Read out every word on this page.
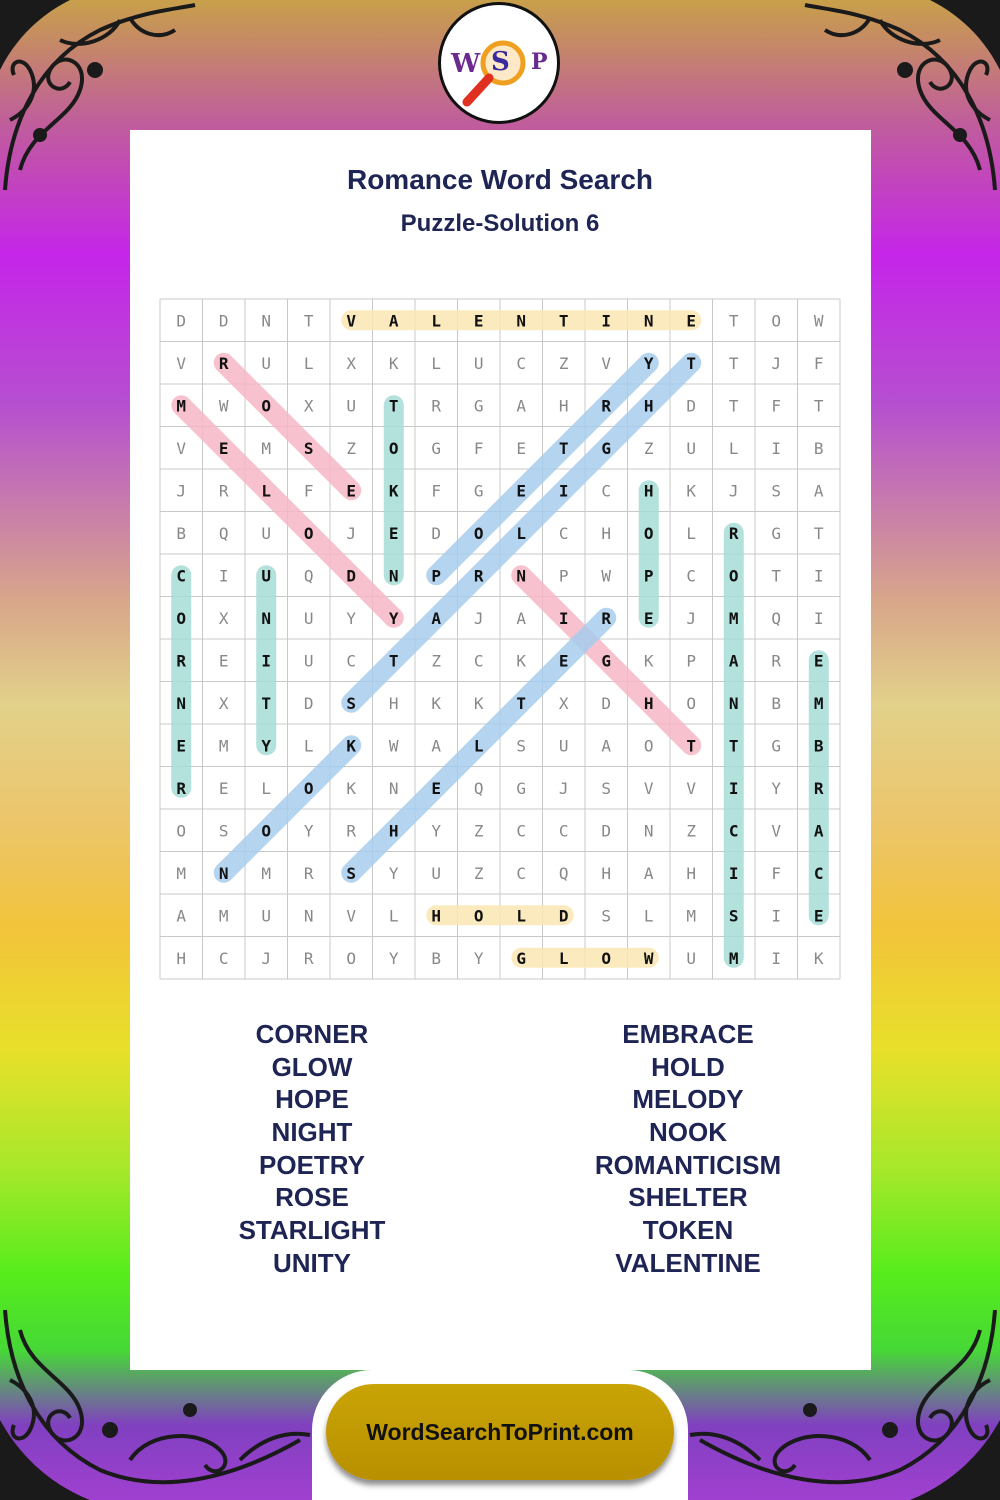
W S P
Romance Word Search
Puzzle-Solution 6
D D N T V A L E N T I N E T O W
V R U L X K L U C Z V Y T T J F
M W O X U T R G A H R H D T F T
V E M S Z O G F E T G Z U L I B
J R L F E K F G E I C H K J S A
B Q U O J E D O L C H O L R G T
C I U Q D N P R N P W P C O T I
O X N U Y Y A J A I R E J M Q I
R E I U C T Z C K E G K P A R E
N X T D S H K K T X D H O N B M
E M Y L K W A L S U A O T T G B
R E L O K N E Q G J S V V I Y R
O S O Y R H Y Z C C D N Z C V A
M N M R S Y U Z C Q H A H I F C
A M U N V L H O L D S L M S I E
H C J R O Y B Y G L O W U M I K
CORNER
GLOW
HOPE
NIGHT
POETRY
ROSE
STARLIGHT
UNITY
EMBRACE
HOLD
MELODY
NOOK
ROMANTICISM
SHELTER
TOKEN
VALENTINE
WordSearchToPrint.com
